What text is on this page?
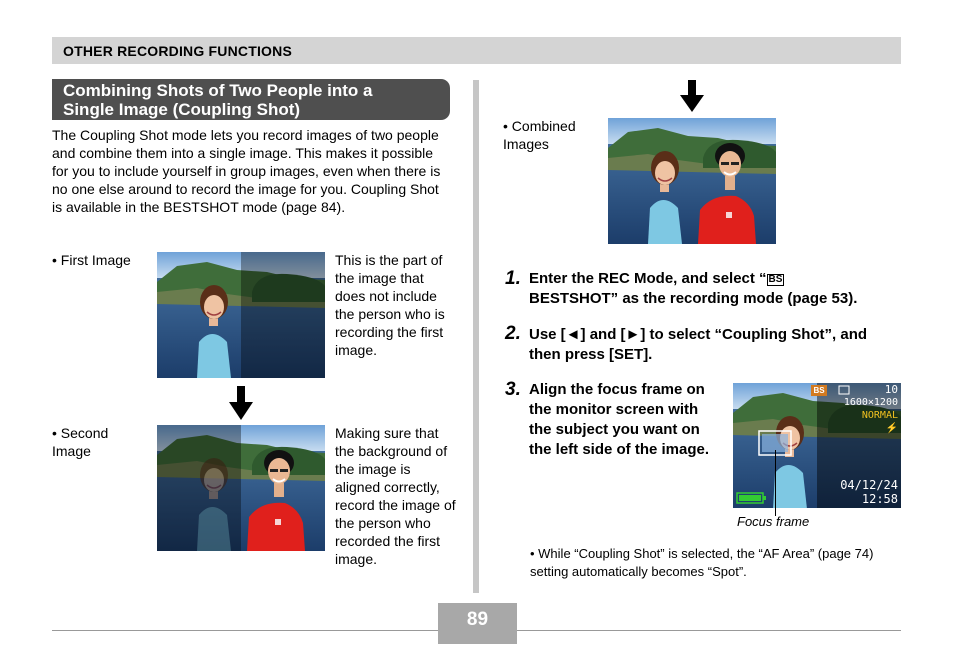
OTHER RECORDING FUNCTIONS
Combining Shots of Two People into a
Single Image (Coupling Shot)
The Coupling Shot mode lets you record images of two people and combine them into a single image. This makes it possible for you to include yourself in group images, even when there is no one else around to record the image for you. Coupling Shot is available in the BESTSHOT mode (page 84).
• First Image	This is the part of the image that does not include the person who is recording the first image.
• Second Image
Making sure that the background of the image is aligned correctly, record the image of the person who recorded the first image.
• Combined Images
1. Enter the REC Mode, and select “ BS
BESTSHOT” as the recording mode (page 53).
2. Use [◄] and [►] to select “Coupling Shot”, and then press [SET].
3. Align the focus frame on the monitor screen with the subject you want on the left side of the image.
BS	10
1600×1200
NORMAL
⚡
04/12/24
12:58
Focus frame
• While “Coupling Shot” is selected, the “AF Area” (page 74) setting automatically becomes “Spot”.
89
